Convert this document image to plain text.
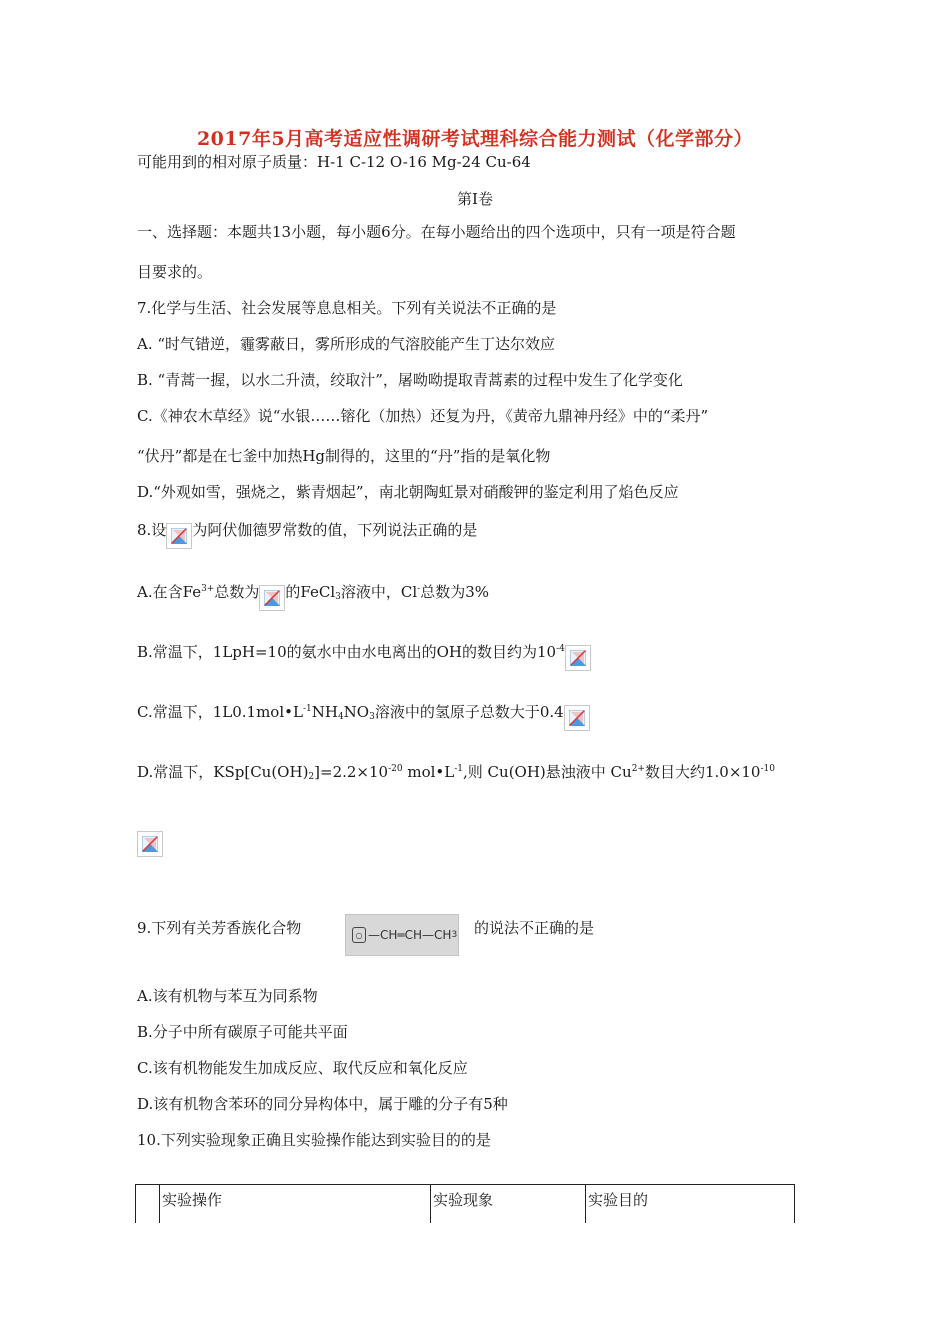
2017年5月高考适应性调研考试理科综合能力测试（化学部分）
可能用到的相对原子质量：H-1 C-12 O-16 Mg-24 Cu-64
第Ⅰ卷
一、选择题：本题共13小题，每小题6分。在每小题给出的四个选项中，只有一项是符合题
目要求的。
7.化学与生活、社会发展等息息相关。下列有关说法不正确的是
A. “时气错逆，霾雾蔽日，雾所形成的气溶胶能产生丁达尔效应
B. “青蒿一握，以水二升渍，绞取汁”，屠呦呦提取青蒿素的过程中发生了化学变化
C.《神农木草经》说“水银……镕化（加热）还复为丹，《黄帝九鼎神丹经》中的“柔丹”
“伏丹”都是在七釜中加热Hg制得的，这里的“丹”指的是氧化物
D.“外观如雪，强烧之，紫青烟起”，南北朝陶虹景对硝酸钾的鉴定利用了焰色反应
8.设 为阿伏伽德罗常数的值，下列说法正确的是
A.在含$Fe^{3+}$总数为 的FeCl$_3$溶液中，Cl-总数为3%
B.常温下，1LpH=10的氨水中由水电离出的OH的数目约为$10^{-4}$
C.常温下，$1L0.1mol•L^{-1}NH_4NO_3$溶液中的氢原子总数大于0.4
D.常温下，$KSp[Cu(OH)_2]=2.2\times 10^{-20}$ $mol•L^{-1}$,则 Cu(OH)悬浊液中 $Cu^{2+}$数目大约$1.0\times 10^{-10}$
9.下列有关芳香族化合物	○ —CH═CH—CH 3 的说法不正确的是
A.该有机物与苯互为同系物
B.分子中所有碳原子可能共平面
C.该有机物能发生加成反应、取代反应和氧化反应
D.该有机物含苯环的同分异构体中，属于雕的分子有5种
10.下列实验现象正确且实验操作能达到实验目的的是
	实验操作	实验现象	实验目的
